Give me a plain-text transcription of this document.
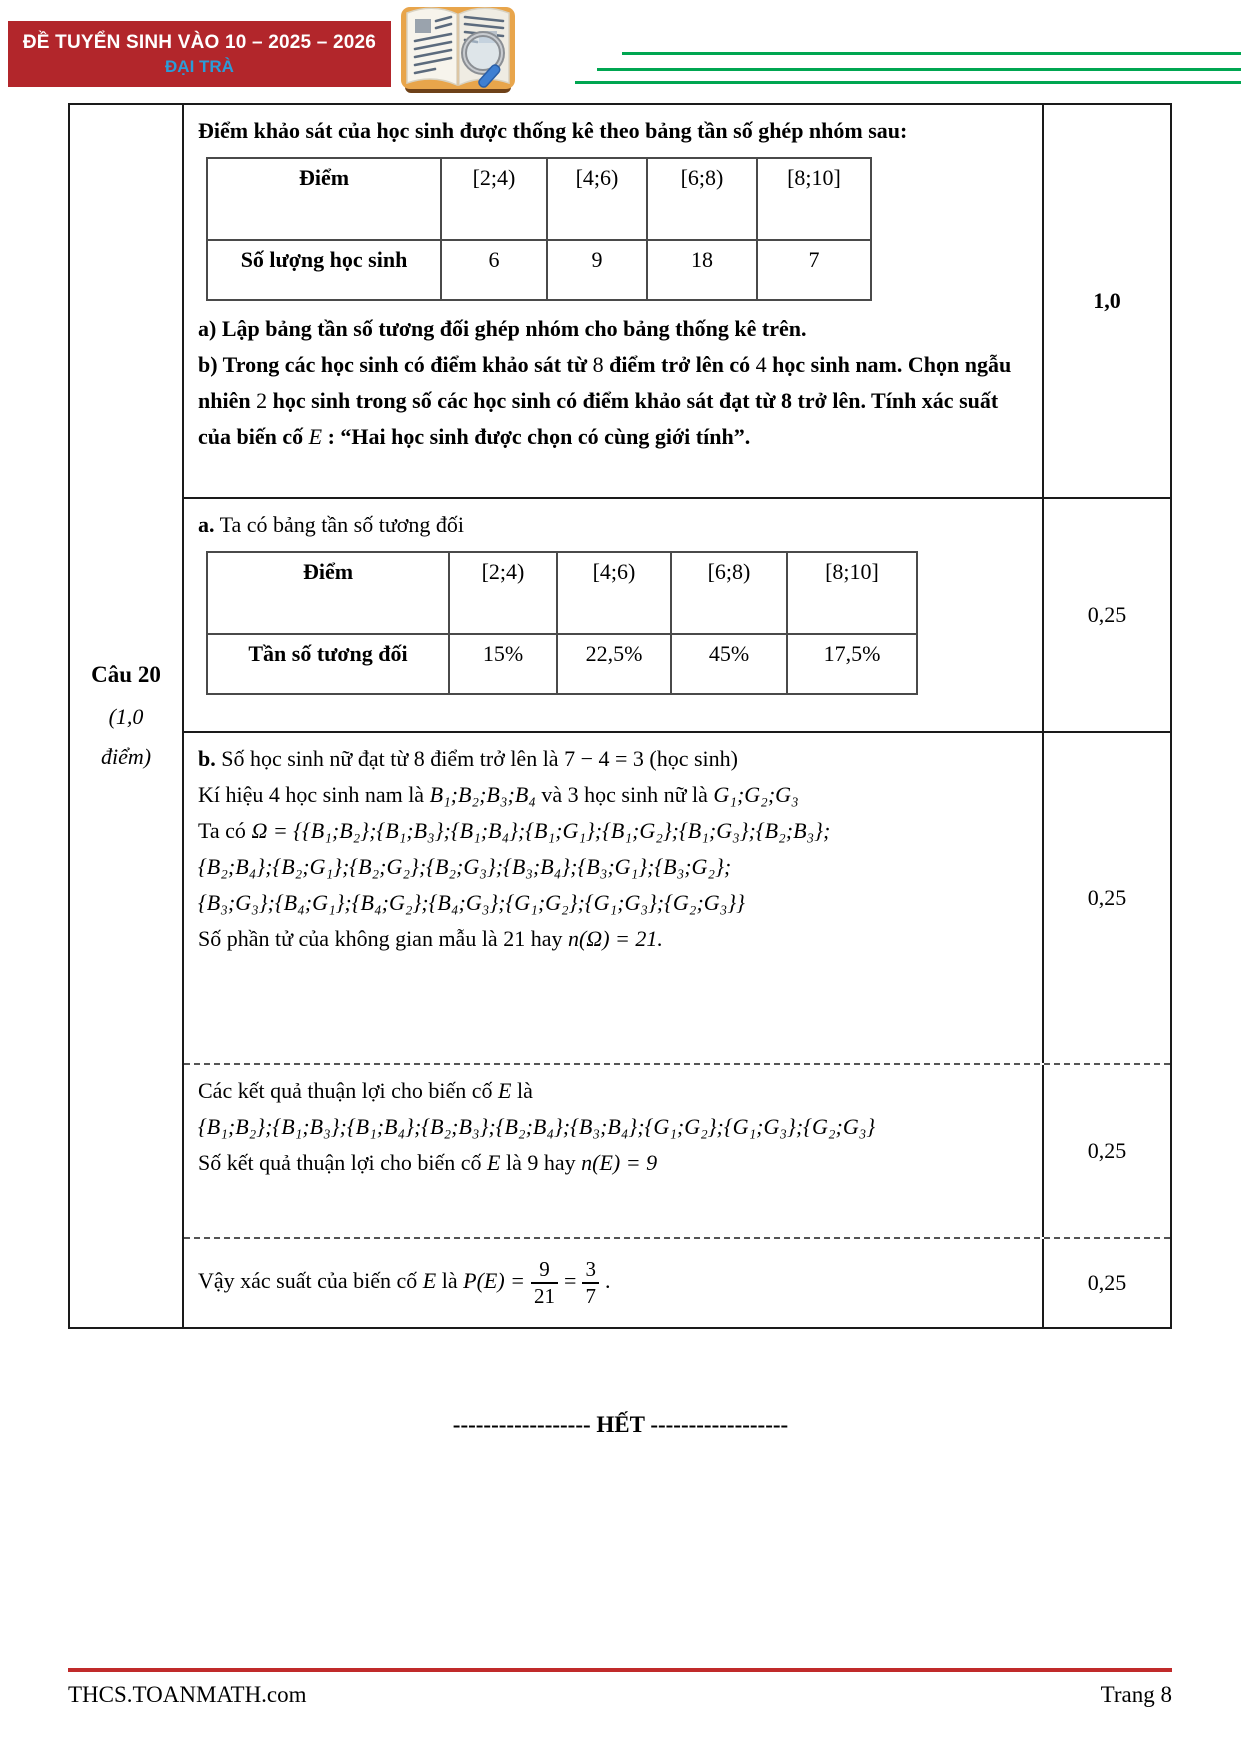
ĐỀ TUYỂN SINH VÀO 10 – 2025 – 2026
ĐẠI TRÀ
Câu 20
(1,0
điểm)

Điểm khảo sát của học sinh được thống kê theo bảng tần số ghép nhóm sau:

Điểm	[2;4)	[4;6)	[6;8)	[8;10]
Số lượng học sinh	6	9	18	7

a) Lập bảng tần số tương đối ghép nhóm cho bảng thống kê trên.

b) Trong các học sinh có điểm khảo sát từ 8 điểm trở lên có 4 học sinh nam. Chọn ngẫu nhiên 2 học sinh trong số các học sinh có điểm khảo sát đạt từ 8 trở lên. Tính xác suất của biến cố E : “Hai học sinh được chọn có cùng giới tính”.

1,0

a. Ta có bảng tần số tương đối

Điểm	[2;4)	[4;6)	[6;8)	[8;10]
Tần số tương đối	15%	22,5%	45%	17,5%
0,25

b. Số học sinh nữ đạt từ 8 điểm trở lên là 7 − 4 = 3 (học sinh)

Kí hiệu 4 học sinh nam là B₁;B₂;B₃;B₄ và 3 học sinh nữ là G₁;G₂;G₃

Ta có Ω = {{B₁;B₂};{B₁;B₃};{B₁;B₄};{B₁;G₁};{B₁;G₂};{B₁;G₃};{B₂;B₃};

{B₂;B₄};{B₂;G₁};{B₂;G₂};{B₂;G₃};{B₃;B₄};{B₃;G₁};{B₃;G₂};

{B₃;G₃};{B₄;G₁};{B₄;G₂};{B₄;G₃};{G₁;G₂};{G₁;G₃};{G₂;G₃}}

Số phần tử của không gian mẫu là 21 hay n(Ω) = 21.

0,25

Các kết quả thuận lợi cho biến cố E là

{B₁;B₂};{B₁;B₃};{B₁;B₄};{B₂;B₃};{B₂;B₄};{B₃;B₄};{G₁;G₂};{G₁;G₃};{G₂;G₃}

Số kết quả thuận lợi cho biến cố E là 9 hay n(E) = 9	0,25

Vậy xác suất của biến cố E là $P(E) = \frac{9}{21} = \frac{3}{7}$ .	0,25
------------------ HẾT ------------------
THCS.TOANMATH.com	Trang 8
